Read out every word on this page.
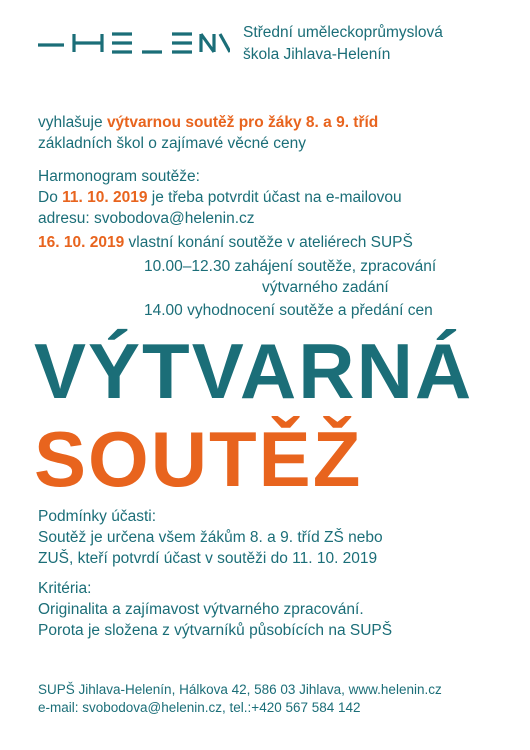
Střední uměleckoprůmyslová
škola Jihlava-Helenín
vyhlašuje výtvarnou soutěž pro žáky 8. a 9. tříd
základních škol o zajímavé věcné ceny
Harmonogram soutěže:
Do 11. 10. 2019 je třeba potvrdit účast na e-mailovou
adresu: svobodova@helenin.cz
16. 10. 2019 vlastní konání soutěže v ateliérech SUPŠ
10.00–12.30 zahájení soutěže, zpracování
výtvarného zadání
14.00 vyhodnocení soutěže a předání cen
VÝTVARNÁ
SOUTĚŽ
Podmínky účasti:
Soutěž je určena všem žákům 8. a 9. tříd ZŠ nebo
ZUŠ, kteří potvrdí účast v soutěži do 11. 10. 2019
Kritéria:
Originalita a zajímavost výtvarného zpracování.
Porota je složena z výtvarníků působících na SUPŠ
SUPŠ Jihlava-Helenín, Hálkova 42, 586 03 Jihlava, www.helenin.cz
e-mail: svobodova@helenin.cz, tel.:+420 567 584 142
